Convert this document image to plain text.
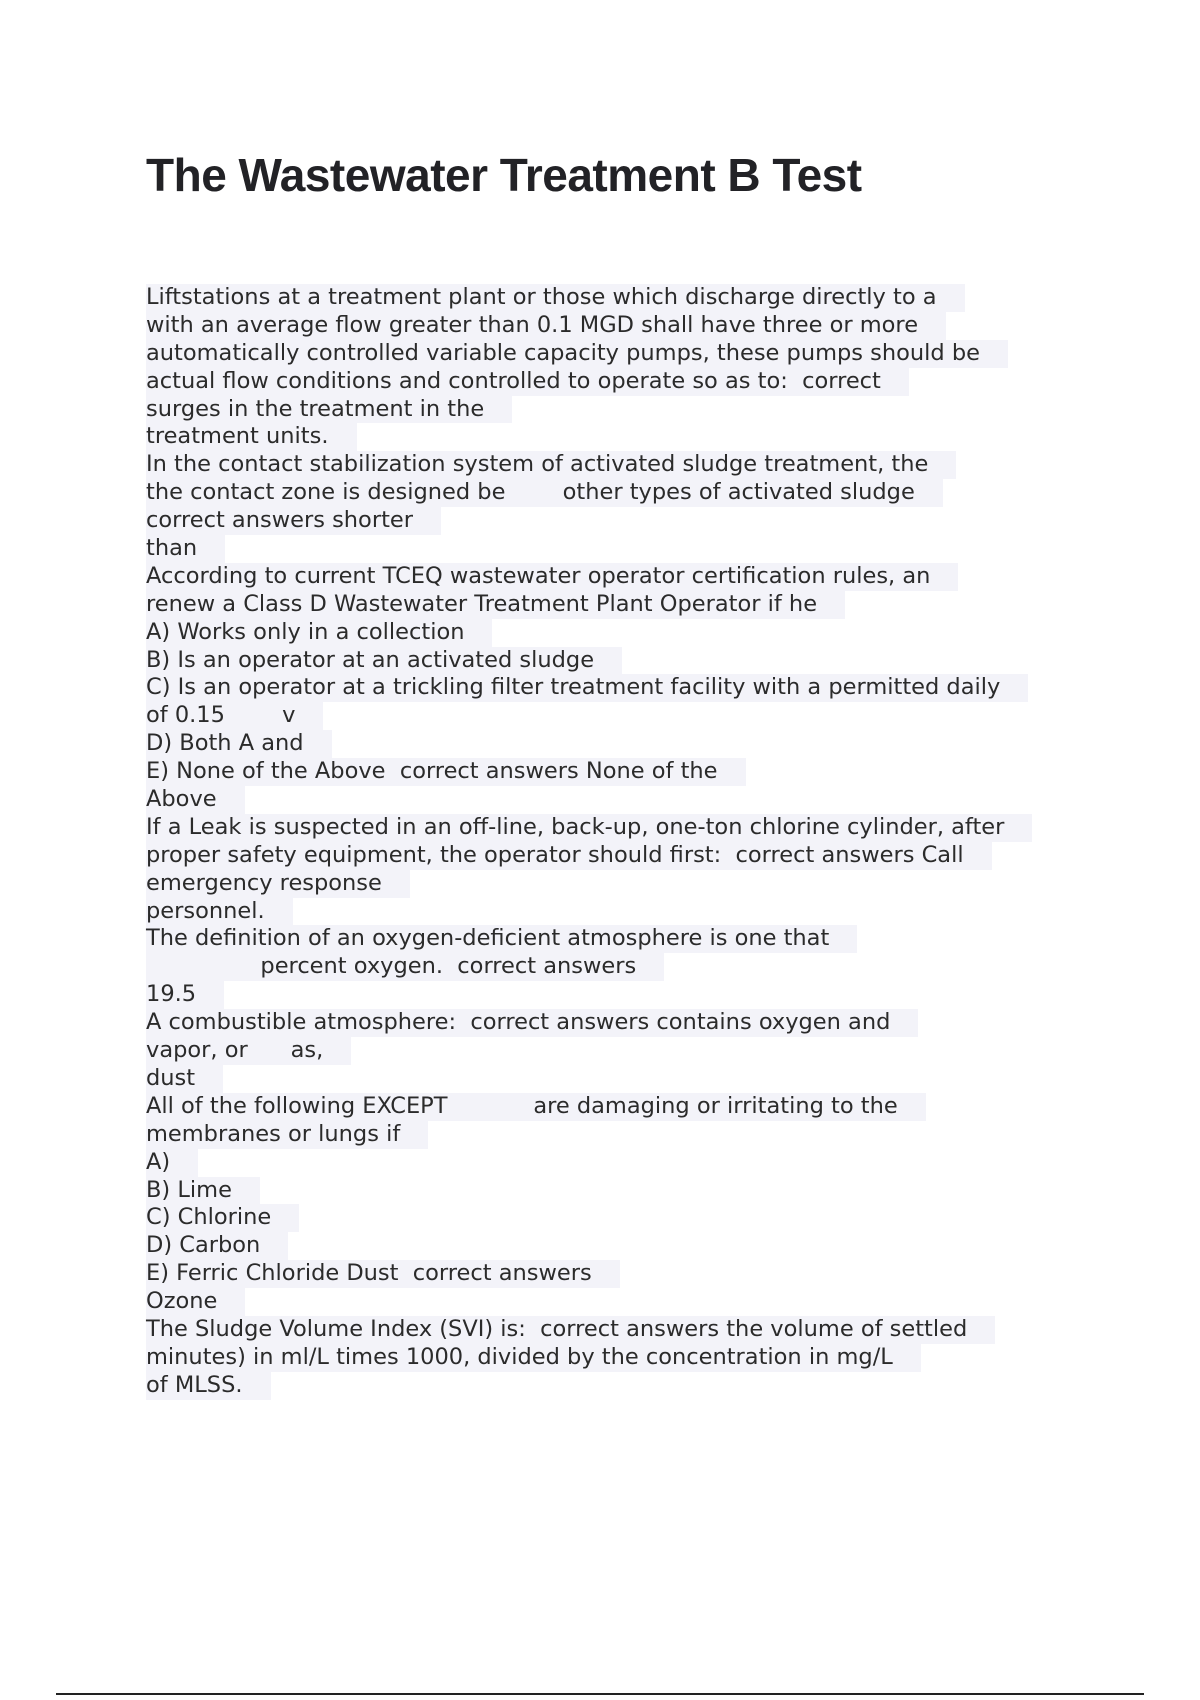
The Wastewater Treatment B Test
Liftstations at a treatment plant or those which discharge directly to a
with an average flow greater than 0.1 MGD shall have three or more
automatically controlled variable capacity pumps, these pumps should be
actual flow conditions and controlled to operate so as to:  correct
surges in the treatment in the
treatment units.
In the contact stabilization system of activated sludge treatment, the
the contact zone is designed be        other types of activated sludge
correct answers shorter
than
According to current TCEQ wastewater operator certification rules, an
renew a Class D Wastewater Treatment Plant Operator if he
A) Works only in a collection
B) Is an operator at an activated sludge
C) Is an operator at a trickling filter treatment facility with a permitted daily
of 0.15        v
D) Both A and
E) None of the Above  correct answers None of the
Above
If a Leak is suspected in an off-line, back-up, one-ton chlorine cylinder, after
proper safety equipment, the operator should first:  correct answers Call
emergency response
personnel.
The definition of an oxygen-deficient atmosphere is one that
percent oxygen.  correct answers
19.5
A combustible atmosphere:  correct answers contains oxygen and
vapor, or      as,
dust
All of the following EXCEPT            are damaging or irritating to the
membranes or lungs if
A)
B) Lime
C) Chlorine
D) Carbon
E) Ferric Chloride Dust  correct answers
Ozone
The Sludge Volume Index (SVI) is:  correct answers the volume of settled
minutes) in ml/L times 1000, divided by the concentration in mg/L
of MLSS.
